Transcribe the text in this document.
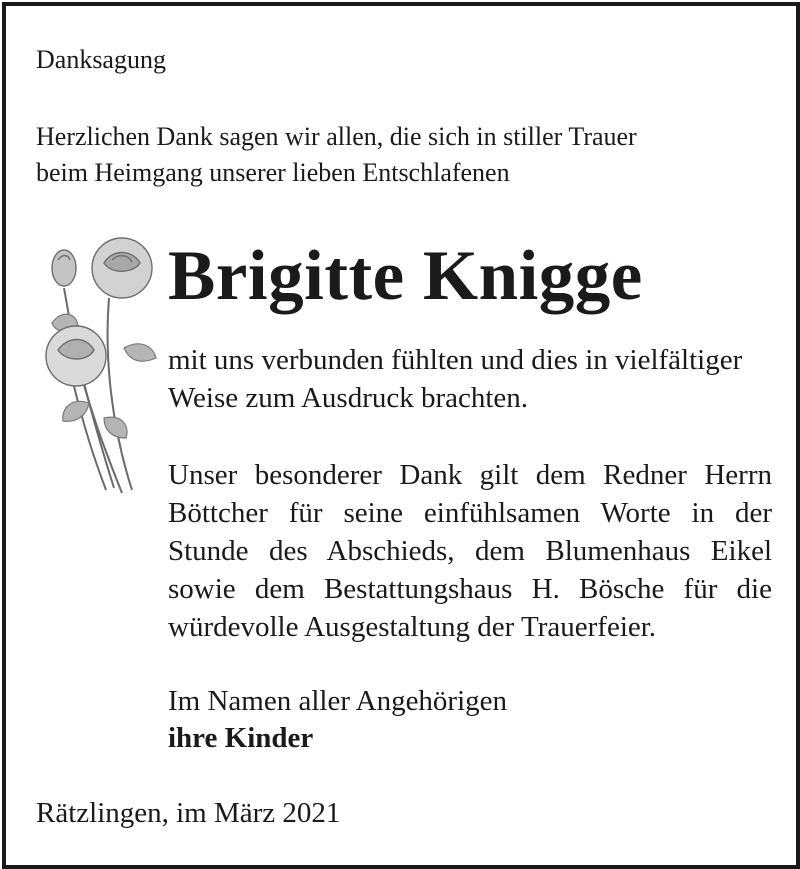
Danksagung

Herzlichen Dank sagen wir allen, die sich in stiller Trauer

beim Heimgang unserer lieben Entschlafenen

Brigitte Knigge

mit uns verbunden fühlten und dies in vielfältiger

Weise zum Ausdruck brachten.

Unser besonderer Dank gilt dem Redner Herrn

Böttcher für seine einfühlsamen Worte in der

Stunde des Abschieds, dem Blumenhaus Eikel

sowie dem Bestattungshaus H. Bösche für die

würdevolle Ausgestaltung der Trauerfeier.

Im Namen aller Angehörigen

ihre Kinder

Rätzlingen, im März 2021
